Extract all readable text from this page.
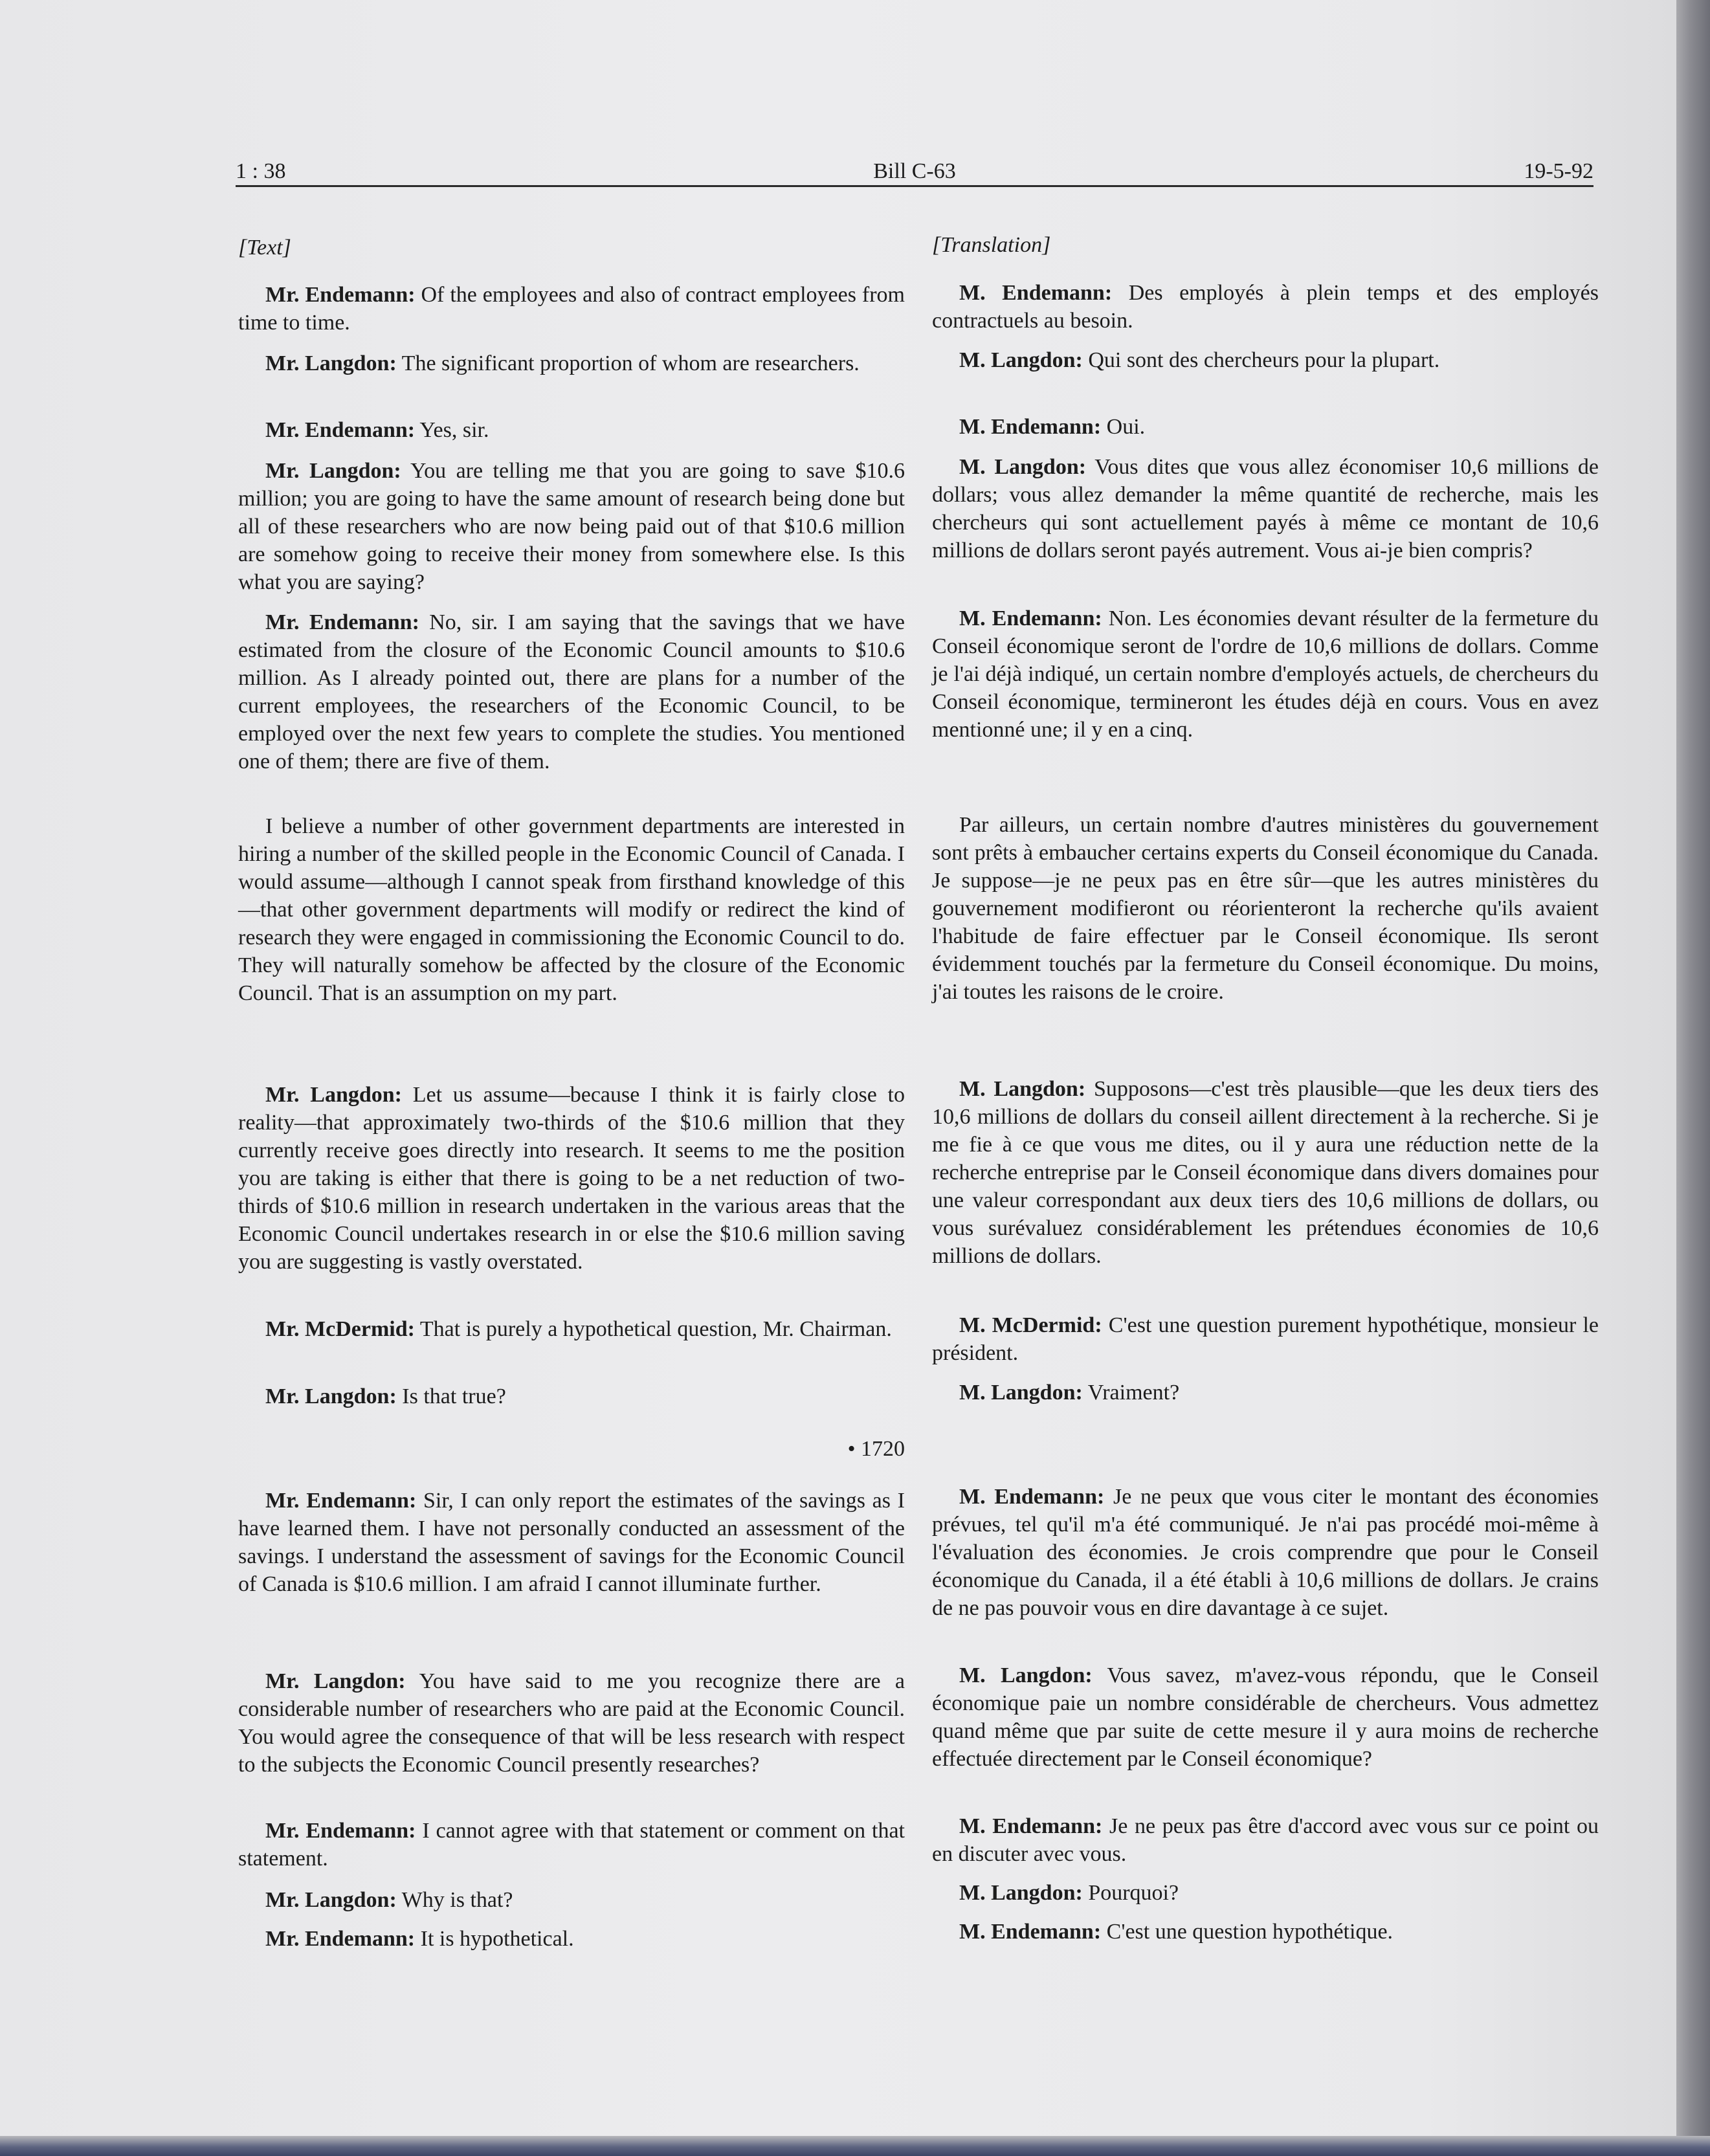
1 : 38	Bill C-63	19-5-92

[Text]

Mr. Endemann: Of the employees and also of contract employees from time to time.

Mr. Langdon: The significant proportion of whom are researchers.

Mr. Endemann: Yes, sir.

Mr. Langdon: You are telling me that you are going to save $10.6 million; you are going to have the same amount of research being done but all of these researchers who are now being paid out of that $10.6 million are somehow going to receive their money from somewhere else. Is this what you are saying?

Mr. Endemann: No, sir. I am saying that the savings that we have estimated from the closure of the Economic Council amounts to $10.6 million. As I already pointed out, there are plans for a number of the current employees, the researchers of the Economic Council, to be employed over the next few years to complete the studies. You mentioned one of them; there are five of them.

I believe a number of other government departments are interested in hiring a number of the skilled people in the Economic Council of Canada. I would assume—although I cannot speak from firsthand knowledge of this—that other government departments will modify or redirect the kind of research they were engaged in commissioning the Economic Council to do. They will naturally somehow be affected by the closure of the Economic Council. That is an assumption on my part.

Mr. Langdon: Let us assume—because I think it is fairly close to reality—that approximately two-thirds of the $10.6 million that they currently receive goes directly into research. It seems to me the position you are taking is either that there is going to be a net reduction of two-thirds of $10.6 million in research undertaken in the various areas that the Economic Council undertakes research in or else the $10.6 million saving you are suggesting is vastly overstated.

Mr. McDermid: That is purely a hypothetical question, Mr. Chairman.

Mr. Langdon: Is that true?

• 1720

Mr. Endemann: Sir, I can only report the estimates of the savings as I have learned them. I have not personally conducted an assessment of the savings. I understand the assessment of savings for the Economic Council of Canada is $10.6 million. I am afraid I cannot illuminate further.

Mr. Langdon: You have said to me you recognize there are a considerable number of researchers who are paid at the Economic Council. You would agree the consequence of that will be less research with respect to the subjects the Economic Council presently researches?

Mr. Endemann: I cannot agree with that statement or comment on that statement.

Mr. Langdon: Why is that?

Mr. Endemann: It is hypothetical.

[Translation]

M. Endemann: Des employés à plein temps et des employés contractuels au besoin.

M. Langdon: Qui sont des chercheurs pour la plupart.

M. Endemann: Oui.

M. Langdon: Vous dites que vous allez économiser 10,6 millions de dollars; vous allez demander la même quantité de recherche, mais les chercheurs qui sont actuellement payés à même ce montant de 10,6 millions de dollars seront payés autrement. Vous ai-je bien compris?

M. Endemann: Non. Les économies devant résulter de la fermeture du Conseil économique seront de l'ordre de 10,6 millions de dollars. Comme je l'ai déjà indiqué, un certain nombre d'employés actuels, de chercheurs du Conseil économique, termineront les études déjà en cours. Vous en avez mentionné une; il y en a cinq.

Par ailleurs, un certain nombre d'autres ministères du gouvernement sont prêts à embaucher certains experts du Conseil économique du Canada. Je suppose—je ne peux pas en être sûr—que les autres ministères du gouvernement modifieront ou réorienteront la recherche qu'ils avaient l'habitude de faire effectuer par le Conseil économique. Ils seront évidemment touchés par la fermeture du Conseil économique. Du moins, j'ai toutes les raisons de le croire.

M. Langdon: Supposons—c'est très plausible—que les deux tiers des 10,6 millions de dollars du conseil aillent directement à la recherche. Si je me fie à ce que vous me dites, ou il y aura une réduction nette de la recherche entreprise par le Conseil économique dans divers domaines pour une valeur correspondant aux deux tiers des 10,6 millions de dollars, ou vous surévaluez considérablement les prétendues économies de 10,6 millions de dollars.

M. McDermid: C'est une question purement hypothétique, monsieur le président.

M. Langdon: Vraiment?

M. Endemann: Je ne peux que vous citer le montant des économies prévues, tel qu'il m'a été communiqué. Je n'ai pas procédé moi-même à l'évaluation des économies. Je crois comprendre que pour le Conseil économique du Canada, il a été établi à 10,6 millions de dollars. Je crains de ne pas pouvoir vous en dire davantage à ce sujet.

M. Langdon: Vous savez, m'avez-vous répondu, que le Conseil économique paie un nombre considérable de chercheurs. Vous admettez quand même que par suite de cette mesure il y aura moins de recherche effectuée directement par le Conseil économique?

M. Endemann: Je ne peux pas être d'accord avec vous sur ce point ou en discuter avec vous.

M. Langdon: Pourquoi?

M. Endemann: C'est une question hypothétique.
